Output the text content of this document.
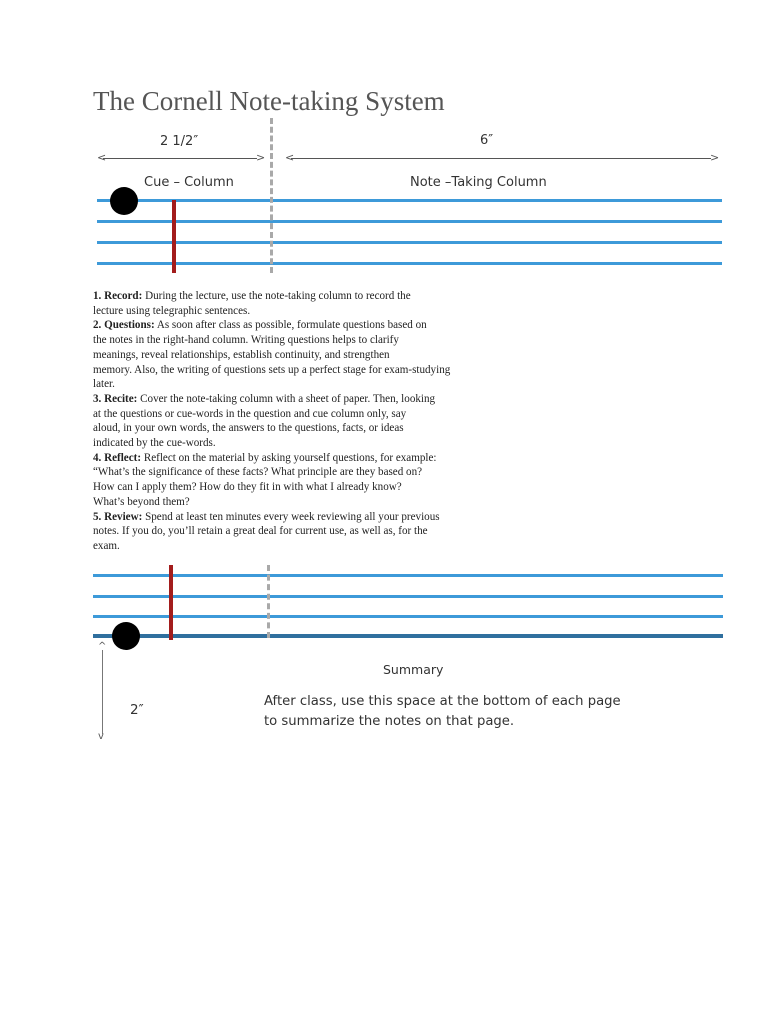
The Cornell Note-taking System
2 1/2″	6″
<	> <	>
Cue – Column	Note –Taking Column

1. Record: During the lecture, use the note-taking column to record the
lecture using telegraphic sentences.

2. Questions: As soon after class as possible, formulate questions based on
the notes in the right-hand column. Writing questions helps to clarify
meanings, reveal relationships, establish continuity, and strengthen
memory. Also, the writing of questions sets up a perfect stage for exam-studying
later.

3. Recite: Cover the note-taking column with a sheet of paper. Then, looking
at the questions or cue-words in the question and cue column only, say
aloud, in your own words, the answers to the questions, facts, or ideas
indicated by the cue-words.

4. Reflect: Reflect on the material by asking yourself questions, for example:
“What’s the significance of these facts? What principle are they based on?
How can I apply them? How do they fit in with what I already know?
What’s beyond them?

5. Review: Spend at least ten minutes every week reviewing all your previous
notes. If you do, you’ll retain a great deal for current use, as well as, for the
exam.

^
v
2″
Summary
After class, use this space at the bottom of each page
to summarize the notes on that page.
